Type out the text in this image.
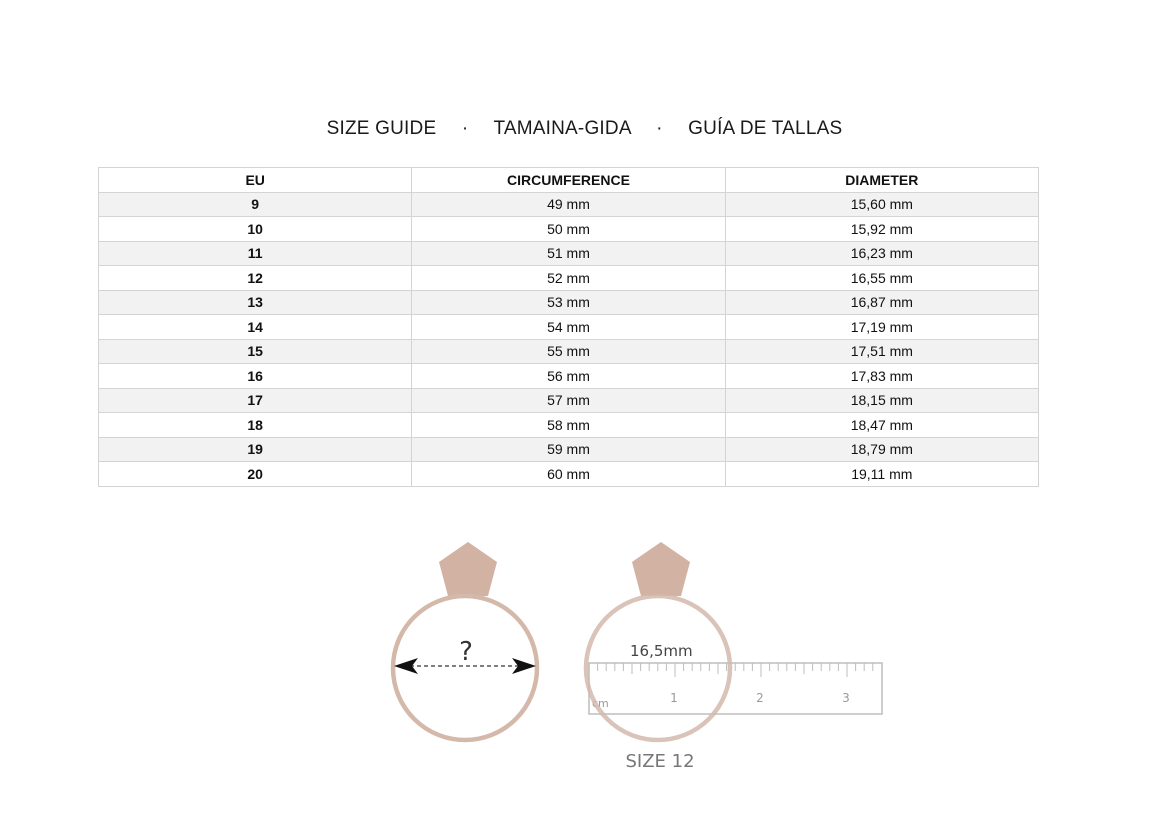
SIZE GUIDE · TAMAINA-GIDA · GUÍA DE TALLAS
EU	CIRCUMFERENCE	DIAMETER
9	49 mm	15,60 mm
10	50 mm	15,92 mm
11	51 mm	16,23 mm
12	52 mm	16,55 mm
13	53 mm	16,87 mm
14	54 mm	17,19 mm
15	55 mm	17,51 mm
16	56 mm	17,83 mm
17	57 mm	18,15 mm
18	58 mm	18,47 mm
19	59 mm	18,79 mm
20	60 mm	19,11 mm
?
cm	1	2	3
16,5mm
SIZE 12
